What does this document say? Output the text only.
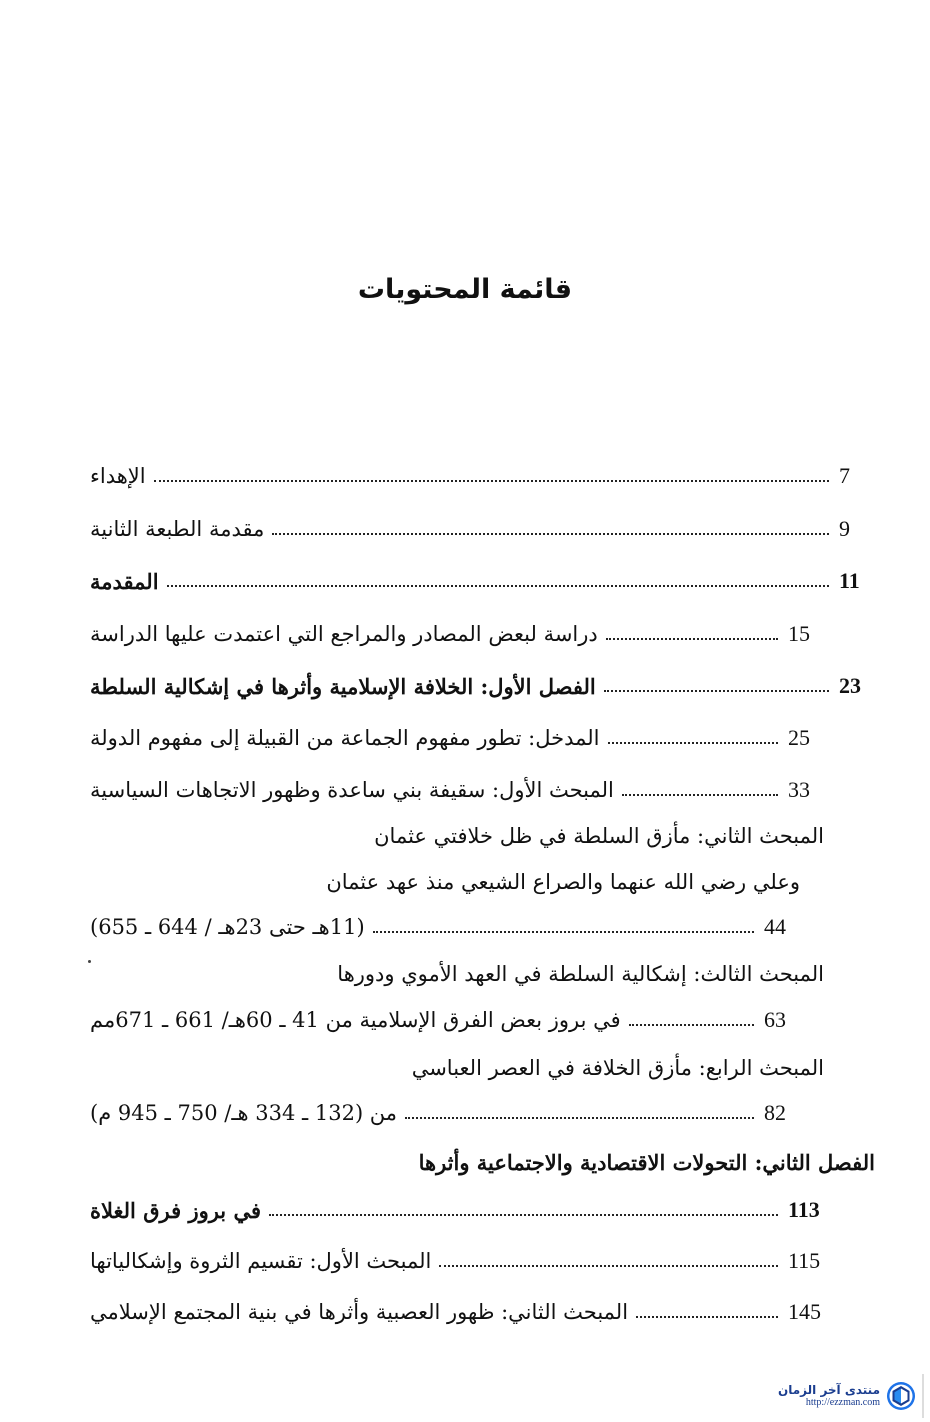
قائمة المحتويات
الإهداء	7
مقدمة الطبعة الثانية	9
المقدمة	11
دراسة لبعض المصادر والمراجع التي اعتمدت عليها الدراسة	15
الفصل الأول: الخلافة الإسلامية وأثرها في إشكالية السلطة	23
المدخل: تطور مفهوم الجماعة من القبيلة إلى مفهوم الدولة	25
المبحث الأول: سقيفة بني ساعدة وظهور الاتجاهات السياسية	33
المبحث الثاني: مأزق السلطة في ظل خلافتي عثمان
وعلي رضي الله عنهما والصراع الشيعي منذ عهد عثمان
(11هـ حتى 23هـ / 644 ـ 655)	44
المبحث الثالث: إشكالية السلطة في العهد الأموي ودورها
في بروز بعض الفرق الإسلامية من 41 ـ 60هـ/ 661 ـ 671مم	63
المبحث الرابع: مأزق الخلافة في العصر العباسي
من (132 ـ 334 هـ/ 750 ـ 945 م)	82
الفصل الثاني: التحولات الاقتصادية والاجتماعية وأثرها
في بروز فرق الغلاة	113
المبحث الأول: تقسيم الثروة وإشكالياتها	115
المبحث الثاني: ظهور العصبية وأثرها في بنية المجتمع الإسلامي	145
منتدى آخر الزمان
http://ezzman.com
